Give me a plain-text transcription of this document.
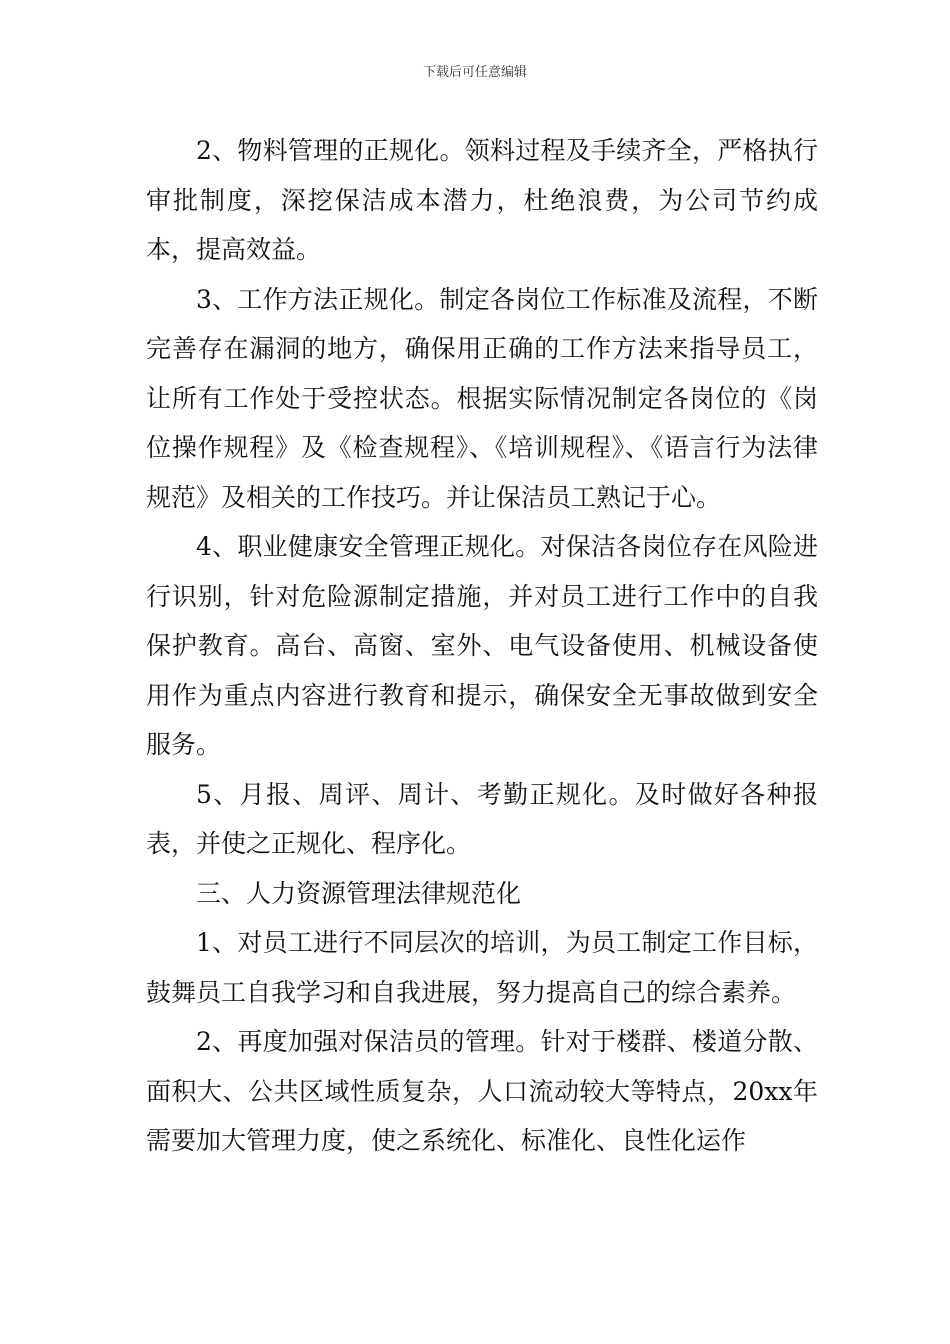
下载后可任意编辑

2、物料管理的正规化。领料过程及手续齐全，严格执行审批制度，深挖保洁成本潜力，杜绝浪费，为公司节约成本，提高效益。

3、工作方法正规化。制定各岗位工作标准及流程，不断完善存在漏洞的地方，确保用正确的工作方法来指导员工，让所有工作处于受控状态。根据实际情况制定各岗位的《岗位操作规程》及《检查规程》、《培训规程》、《语言行为法律规范》及相关的工作技巧。并让保洁员工熟记于心。

4、职业健康安全管理正规化。对保洁各岗位存在风险进行识别，针对危险源制定措施，并对员工进行工作中的自我保护教育。高台、高窗、室外、电气设备使用、机械设备使用作为重点内容进行教育和提示，确保安全无事故做到安全服务。

5、月报、周评、周计、考勤正规化。及时做好各种报表，并使之正规化、程序化。

三、人力资源管理法律规范化

1、对员工进行不同层次的培训，为员工制定工作目标，鼓舞员工自我学习和自我进展，努力提高自己的综合素养。

2、再度加强对保洁员的管理。针对于楼群、楼道分散、面积大、公共区域性质复杂，人口流动较大等特点，20xx年需要加大管理力度，使之系统化、标准化、良性化运作
